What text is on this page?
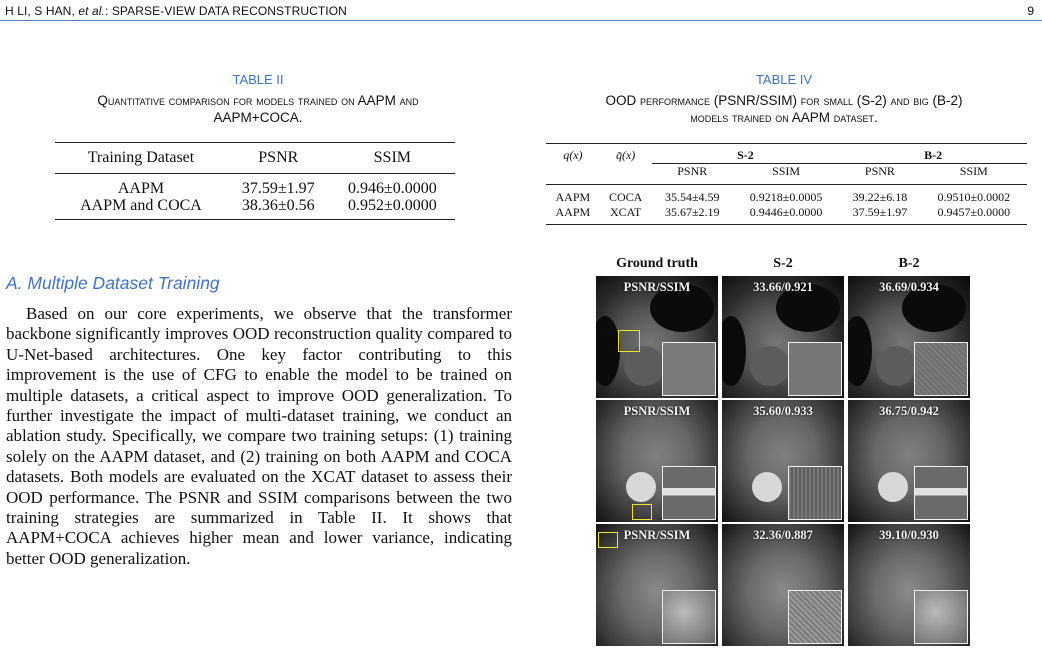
H LI, S HAN, et al.: SPARSE-VIEW DATA RECONSTRUCTION	9
TABLE II
Quantitative comparison for models trained on AAPM and
AAPM+COCA.
Training Dataset	PSNR	SSIM
AAPM	37.59±1.97	0.946±0.0000
AAPM and COCA	38.36±0.56	0.952±0.0000
TABLE IV
OOD performance (PSNR/SSIM) for small (S-2) and big (B-2)
models trained on AAPM dataset.
q(x)	q̄(x)	S-2		B-2	
		PSNR	SSIM	PSNR	SSIM
AAPM	COCA	35.54±4.59	0.9218±0.0005	39.22±6.18	0.9510±0.0002
AAPM	XCAT	35.67±2.19	0.9446±0.0000	37.59±1.97	0.9457±0.0000
A. Multiple Dataset Training

Based on our core experiments, we observe that the transformer backbone significantly improves OOD reconstruction quality compared to U-Net-based architectures. One key factor contributing to this improvement is the use of CFG to enable the model to be trained on multiple datasets, a critical aspect to improve OOD generalization. To further investigate the impact of multi-dataset training, we conduct an ablation study. Specifically, we compare two training setups: (1) training solely on the AAPM dataset, and (2) training on both AAPM and COCA datasets. Both models are evaluated on the XCAT dataset to assess their OOD performance. The PSNR and SSIM comparisons between the two training strategies are summarized in Table II. It shows that AAPM+COCA achieves higher mean and lower variance, indicating better OOD generalization.

Ground truth	S-2	B-2
PSNR/SSIM	33.66/0.921	36.69/0.934
PSNR/SSIM	35.60/0.933	36.75/0.942
PSNR/SSIM	32.36/0.887	39.10/0.930
